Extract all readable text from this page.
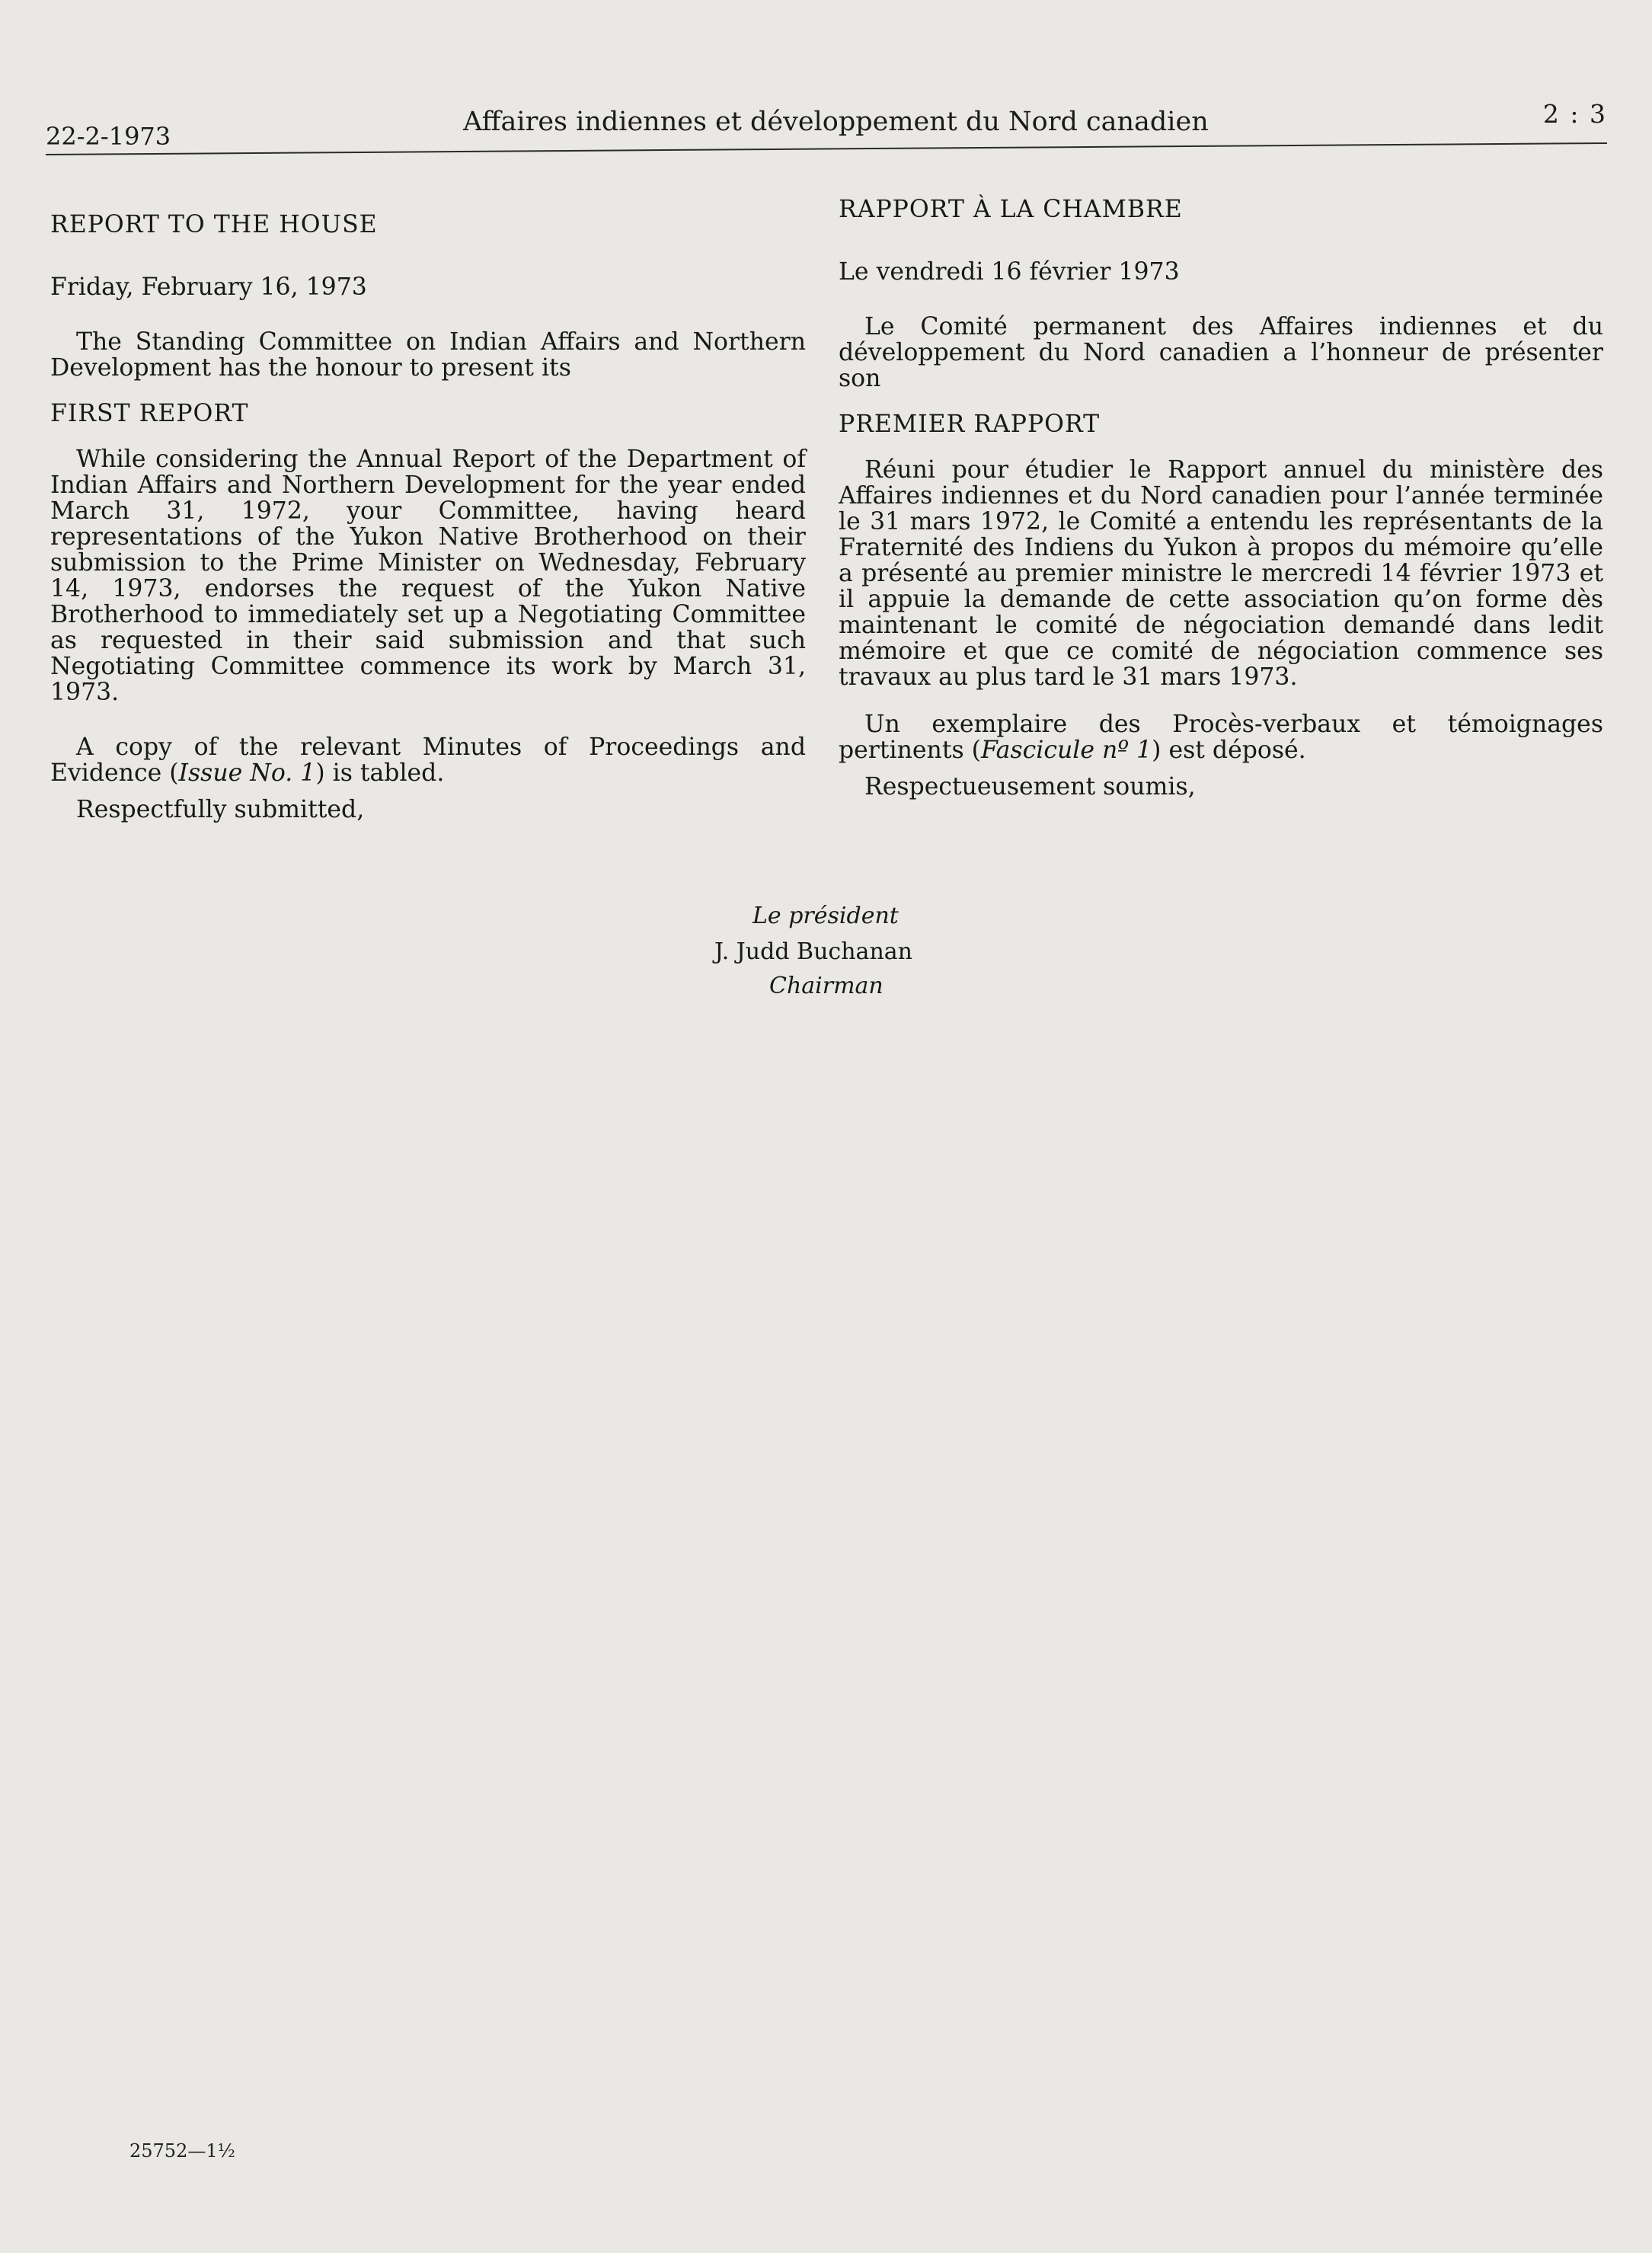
22-2-1973	Affaires indiennes et développement du Nord canadien	2 : 3

REPORT TO THE HOUSE

Friday, February 16, 1973

The Standing Committee on Indian Affairs and Northern Development has the honour to present its

FIRST REPORT

While considering the Annual Report of the Department of Indian Affairs and Northern Development for the year ended March 31, 1972, your Committee, having heard representations of the Yukon Native Brotherhood on their submission to the Prime Minister on Wednesday, February 14, 1973, endorses the request of the Yukon Native Brotherhood to immediately set up a Negotiating Committee as requested in their said submission and that such Negotiating Committee commence its work by March 31, 1973.

A copy of the relevant Minutes of Proceedings and Evidence (Issue No. 1) is tabled.

Respectfully submitted,

RAPPORT À LA CHAMBRE

Le vendredi 16 février 1973

Le Comité permanent des Affaires indiennes et du développement du Nord canadien a l’honneur de présenter son

PREMIER RAPPORT

Réuni pour étudier le Rapport annuel du ministère des Affaires indiennes et du Nord canadien pour l’année terminée le 31 mars 1972, le Comité a entendu les représentants de la Fraternité des Indiens du Yukon à propos du mémoire qu’elle a présenté au premier ministre le mercredi 14 février 1973 et il appuie la demande de cette association qu’on forme dès maintenant le comité de négociation demandé dans ledit mémoire et que ce comité de négociation commence ses travaux au plus tard le 31 mars 1973.

Un exemplaire des Procès-verbaux et témoignages pertinents (Fascicule nº 1) est déposé.

Respectueusement soumis,

Le président
J. Judd Buchanan
Chairman
25752—1½
